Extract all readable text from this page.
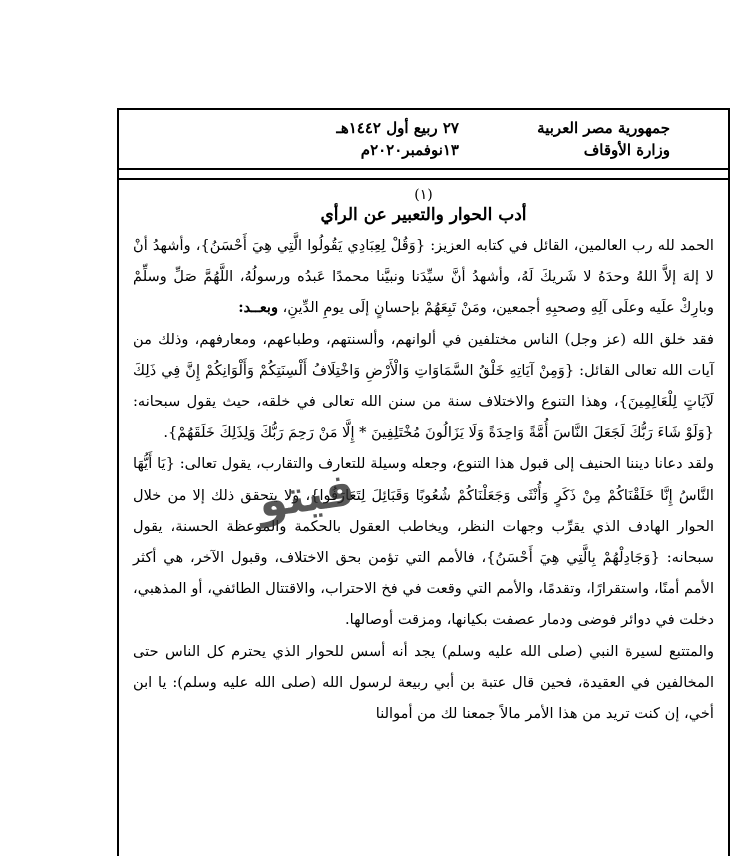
جمهورية مصر العربية
وزارة الأوقاف
٢٧ ربيع أول ١٤٤٢هـ
١٣نوفمبر٢٠٢٠م
(١)
أدب الحوار والتعبير عن الرأي

الحمد لله رب العالمين، القائل في كتابه العزيز: {وَقُلْ لِعِبَادِي يَقُولُوا الَّتِي هِيَ أَحْسَنُ}، وأشهدُ أنْ لا إلهَ إلاَّ اللهُ وحدَهُ لا شَريكَ لَهُ، وأشهدُ أنَّ سيِّدَنا ونبيَّنا محمدًا عَبدُه ورسولُهُ، اللَّهُمَّ صَلِّ وسلِّمْ وبارِكْ علَيه وعلَى آلِهِ وصحبِهِ أجمعين، ومَنْ تَبِعَهُمْ بإحسانٍ إلَى يومِ الدِّينِ، وبعــد:

فقد خلق الله (عز وجل) الناس مختلفين في ألوانهم، وألسنتهم، وطباعهم، ومعارفهم، وذلك من آيات الله تعالى القائل: {وَمِنْ آيَاتِهِ خَلْقُ السَّمَاوَاتِ وَالْأَرْضِ وَاخْتِلَافُ أَلْسِنَتِكُمْ وَأَلْوَانِكُمْ إِنَّ فِي ذَلِكَ لَآيَاتٍ لِلْعَالِمِينَ}، وهذا التنوع والاختلاف سنة من سنن الله تعالى في خلقه، حيث يقول سبحانه: {وَلَوْ شَاءَ رَبُّكَ لَجَعَلَ النَّاسَ أُمَّةً وَاحِدَةً وَلَا يَزَالُونَ مُخْتَلِفِينَ * إِلَّا مَنْ رَحِمَ رَبُّكَ وَلِذَلِكَ خَلَقَهُمْ}.

ولقد دعانا ديننا الحنيف إلى قبول هذا التنوع، وجعله وسيلة للتعارف والتقارب، يقول تعالى: {يَا أَيُّهَا النَّاسُ إِنَّا خَلَقْنَاكُمْ مِنْ ذَكَرٍ وَأُنْثَى وَجَعَلْنَاكُمْ شُعُوبًا وَقَبَائِلَ لِتَعَارَفُوا}، ولا يتحقق ذلك إلا من خلال الحوار الهادف الذي يقرِّب وجهات النظر، ويخاطب العقول بالحكمة والموعظة الحسنة، يقول سبحانه: {وَجَادِلْهُمْ بِالَّتِي هِيَ أَحْسَنُ}، فالأمم التي تؤمن بحق الاختلاف، وقبول الآخر، هي أكثر الأمم أمنًا، واستقرارًا، وتقدمًا، والأمم التي وقعت في فخ الاحتراب، والاقتتال الطائفي، أو المذهبي، دخلت في دوائر فوضى ودمار عصفت بكيانها، ومزقت أوصالها.

والمتتبع لسيرة النبي (صلى الله عليه وسلم) يجد أنه أسس للحوار الذي يحترم كل الناس حتى المخالفين في العقيدة، فحين قال عتبة بن أبي ربيعة لرسول الله (صلى الله عليه وسلم): يا ابن أخي، إن كنت تريد من هذا الأمر مالاً جمعنا لك من أموالنا

فيتو
